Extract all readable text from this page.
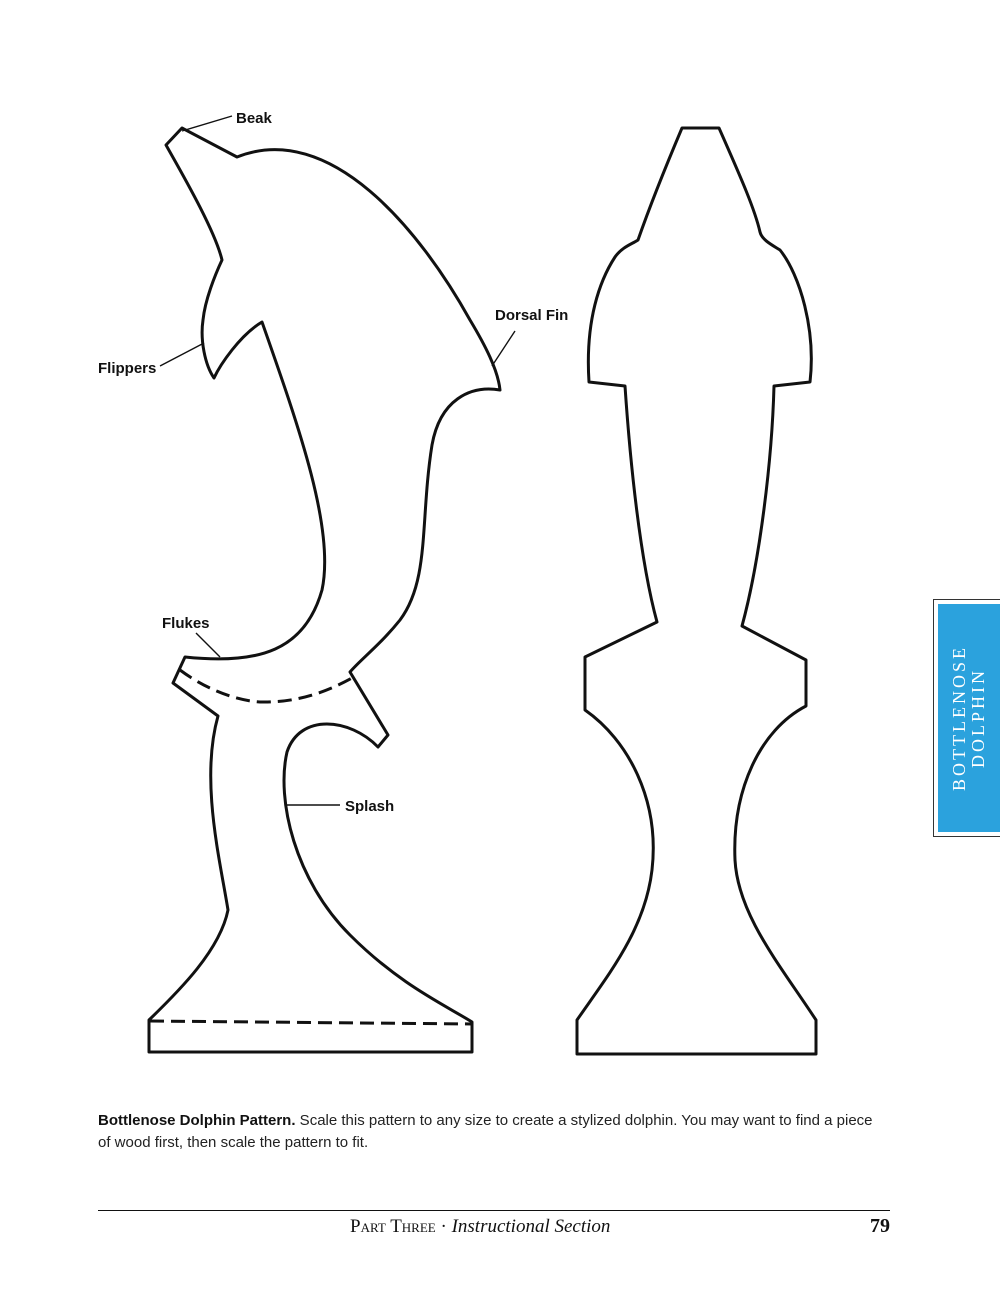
Beak
Dorsal Fin
Flippers
Flukes
Splash
BOTTLENOSE DOLPHIN
Bottlenose Dolphin Pattern. Scale this pattern to any size to create a stylized dolphin. You may want to find a piece of wood first, then scale the pattern to fit.
Part Three · Instructional Section	79
